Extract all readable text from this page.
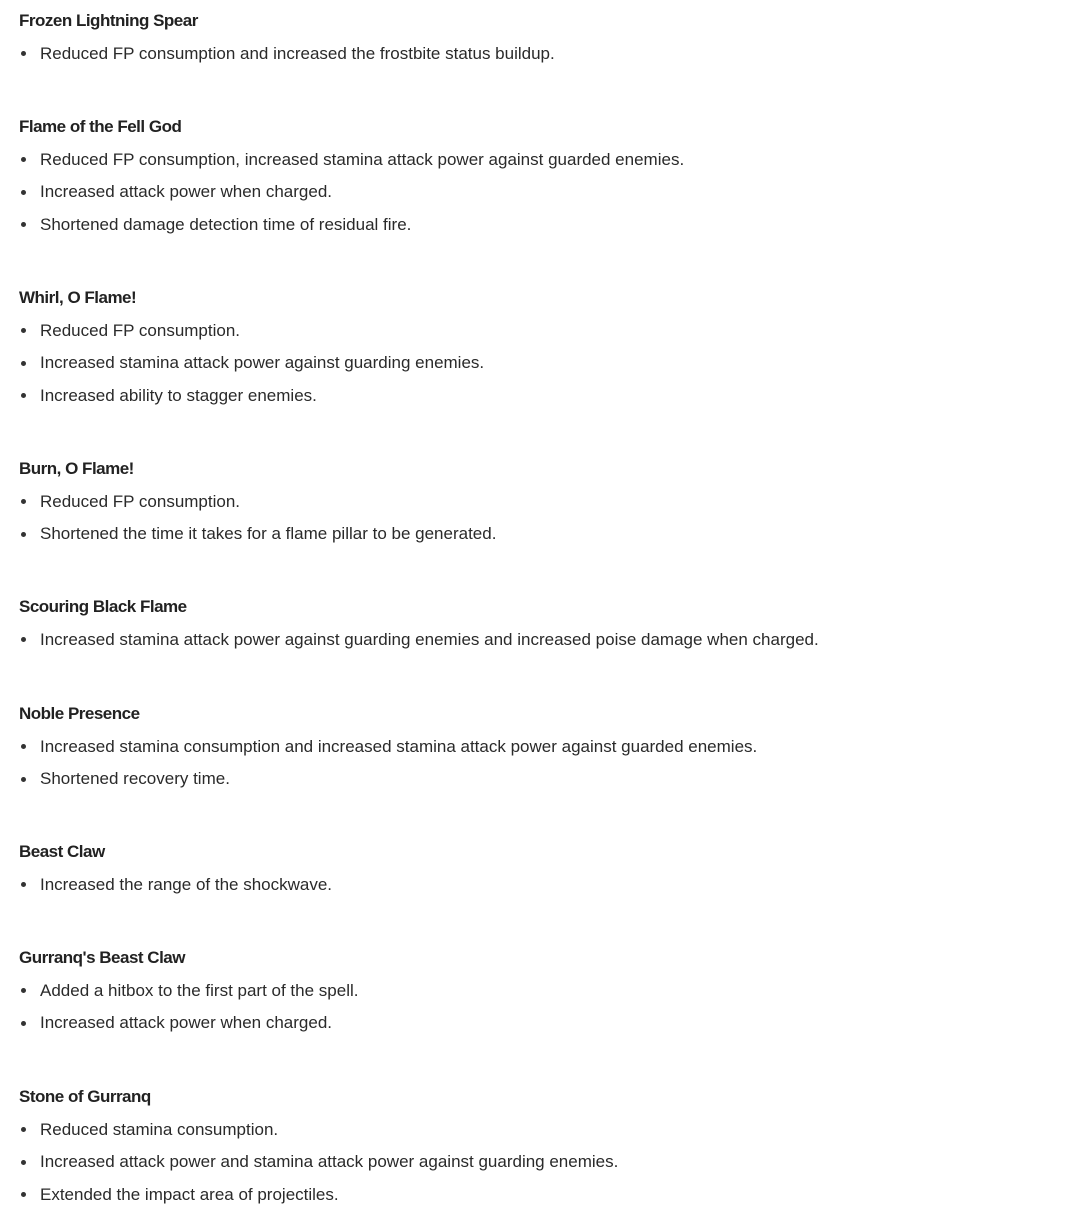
Frozen Lightning Spear
Reduced FP consumption and increased the frostbite status buildup.
Flame of the Fell God
Reduced FP consumption, increased stamina attack power against guarded enemies.
Increased attack power when charged.
Shortened damage detection time of residual fire.
Whirl, O Flame!
Reduced FP consumption.
Increased stamina attack power against guarding enemies.
Increased ability to stagger enemies.
Burn, O Flame!
Reduced FP consumption.
Shortened the time it takes for a flame pillar to be generated.
Scouring Black Flame
Increased stamina attack power against guarding enemies and increased poise damage when charged.
Noble Presence
Increased stamina consumption and increased stamina attack power against guarded enemies.
Shortened recovery time.
Beast Claw
Increased the range of the shockwave.
Gurranq's Beast Claw
Added a hitbox to the first part of the spell.
Increased attack power when charged.
Stone of Gurranq
Reduced stamina consumption.
Increased attack power and stamina attack power against guarding enemies.
Extended the impact area of projectiles.
